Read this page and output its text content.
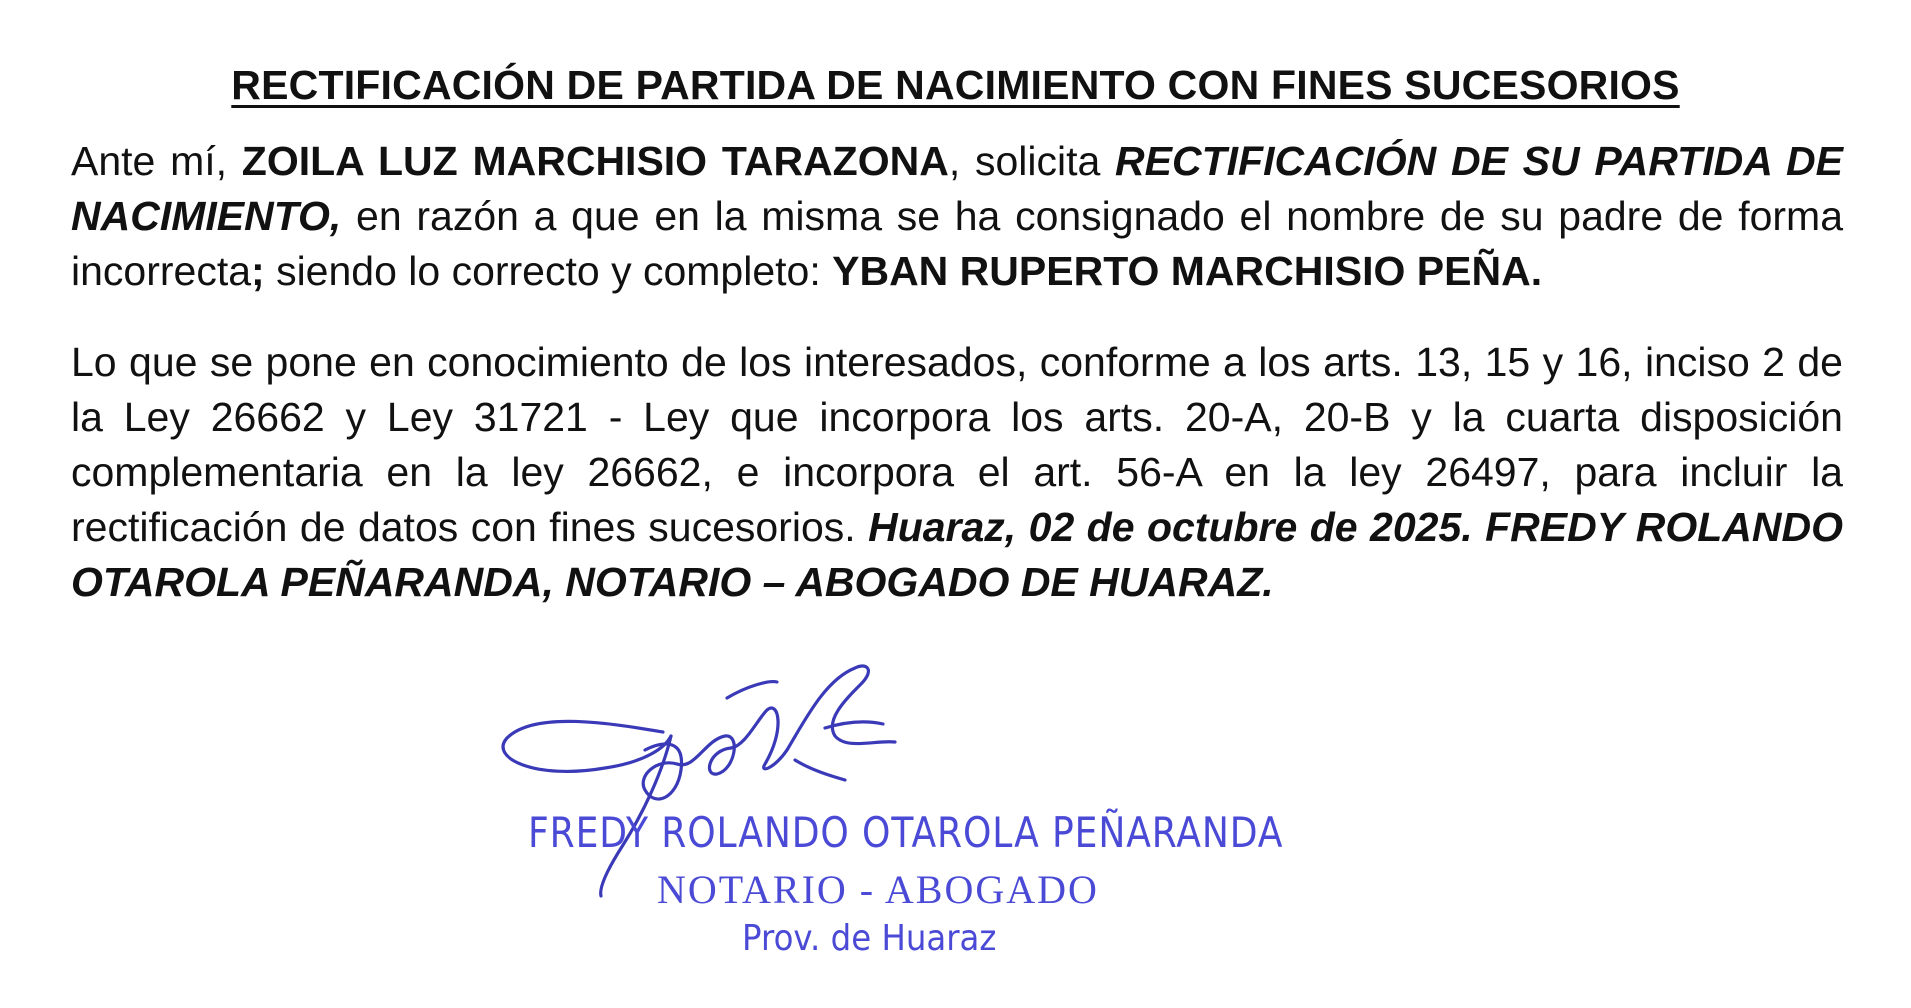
RECTIFICACIÓN DE PARTIDA DE NACIMIENTO CON FINES SUCESORIOS
Ante mí, ZOILA LUZ MARCHISIO TARAZONA, solicita RECTIFICACIÓN DE SU PARTIDA DE NACIMIENTO, en razón a que en la misma se ha consignado el nombre de su padre de forma incorrecta; siendo lo correcto y completo: YBAN RUPERTO MARCHISIO PEÑA.
Lo que se pone en conocimiento de los interesados, conforme a los arts. 13, 15 y 16, inciso 2 de la Ley 26662 y Ley 31721 - Ley que incorpora los arts. 20-A, 20-B y la cuarta disposición complementaria en la ley 26662, e incorpora el art. 56-A en la ley 26497, para incluir la rectificación de datos con fines sucesorios. Huaraz, 02 de octubre de 2025. FREDY ROLANDO OTAROLA PEÑARANDA, NOTARIO – ABOGADO DE HUARAZ.
FREDY ROLANDO OTAROLA PEÑARANDA
NOTARIO - ABOGADO
Prov. de Huaraz
